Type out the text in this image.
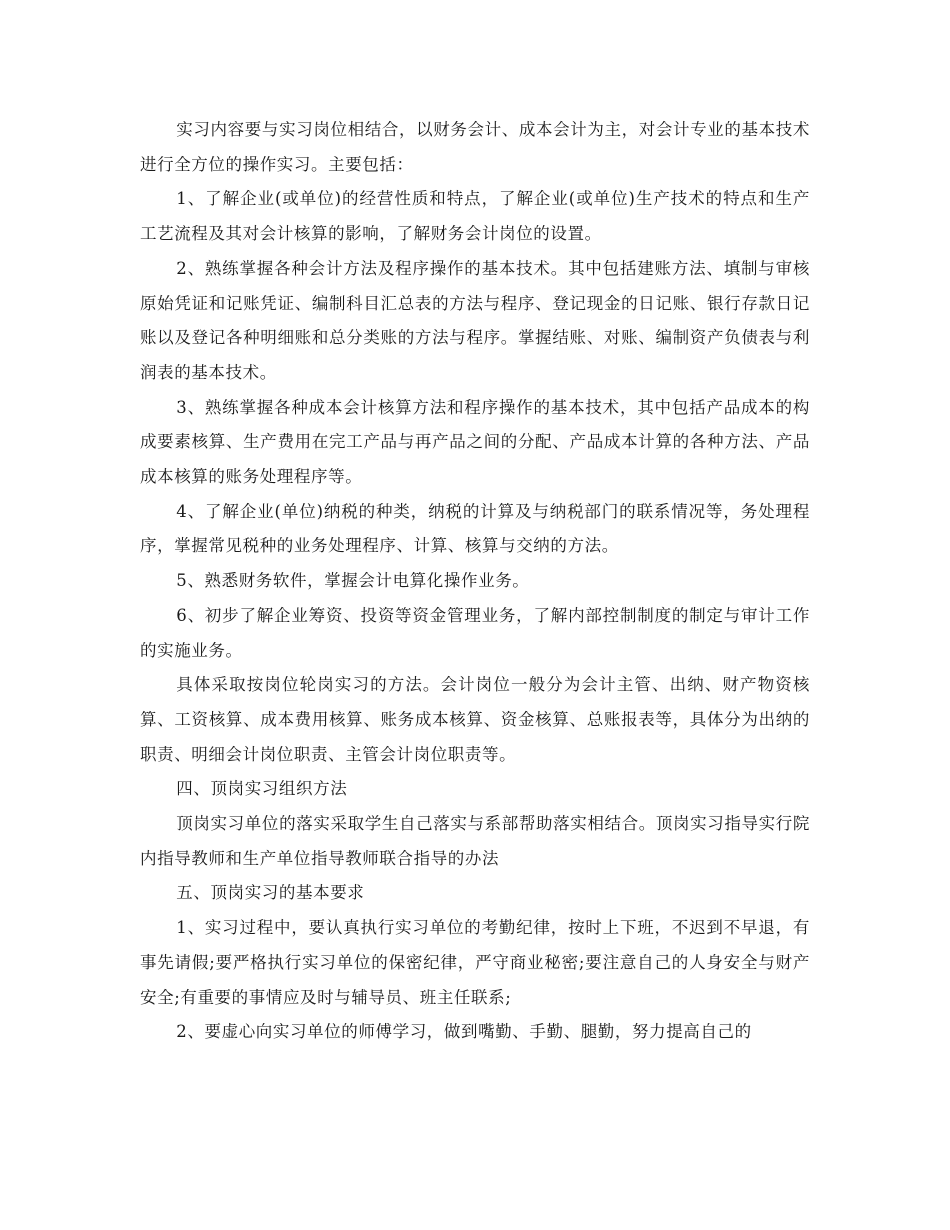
实习内容要与实习岗位相结合，以财务会计、成本会计为主，对会计专业的基本技术进行全方位的操作实习。主要包括：

1、了解企业(或单位)的经营性质和特点，了解企业(或单位)生产技术的特点和生产工艺流程及其对会计核算的影响，了解财务会计岗位的设置。

2、熟练掌握各种会计方法及程序操作的基本技术。其中包括建账方法、填制与审核原始凭证和记账凭证、编制科目汇总表的方法与程序、登记现金的日记账、银行存款日记账以及登记各种明细账和总分类账的方法与程序。掌握结账、对账、编制资产负债表与利润表的基本技术。

3、熟练掌握各种成本会计核算方法和程序操作的基本技术，其中包括产品成本的构成要素核算、生产费用在完工产品与再产品之间的分配、产品成本计算的各种方法、产品成本核算的账务处理程序等。

4、了解企业(单位)纳税的种类，纳税的计算及与纳税部门的联系情况等，务处理程序，掌握常见税种的业务处理程序、计算、核算与交纳的方法。

5、熟悉财务软件，掌握会计电算化操作业务。

6、初步了解企业筹资、投资等资金管理业务，了解内部控制制度的制定与审计工作的实施业务。

具体采取按岗位轮岗实习的方法。会计岗位一般分为会计主管、出纳、财产物资核算、工资核算、成本费用核算、账务成本核算、资金核算、总账报表等，具体分为出纳的职责、明细会计岗位职责、主管会计岗位职责等。

四、顶岗实习组织方法

顶岗实习单位的落实采取学生自己落实与系部帮助落实相结合。顶岗实习指导实行院内指导教师和生产单位指导教师联合指导的办法

五、顶岗实习的基本要求

1、实习过程中，要认真执行实习单位的考勤纪律，按时上下班，不迟到不早退，有事先请假;要严格执行实习单位的保密纪律，严守商业秘密;要注意自己的人身安全与财产安全;有重要的事情应及时与辅导员、班主任联系;

2、要虚心向实习单位的师傅学习，做到嘴勤、手勤、腿勤，努力提高自己的
